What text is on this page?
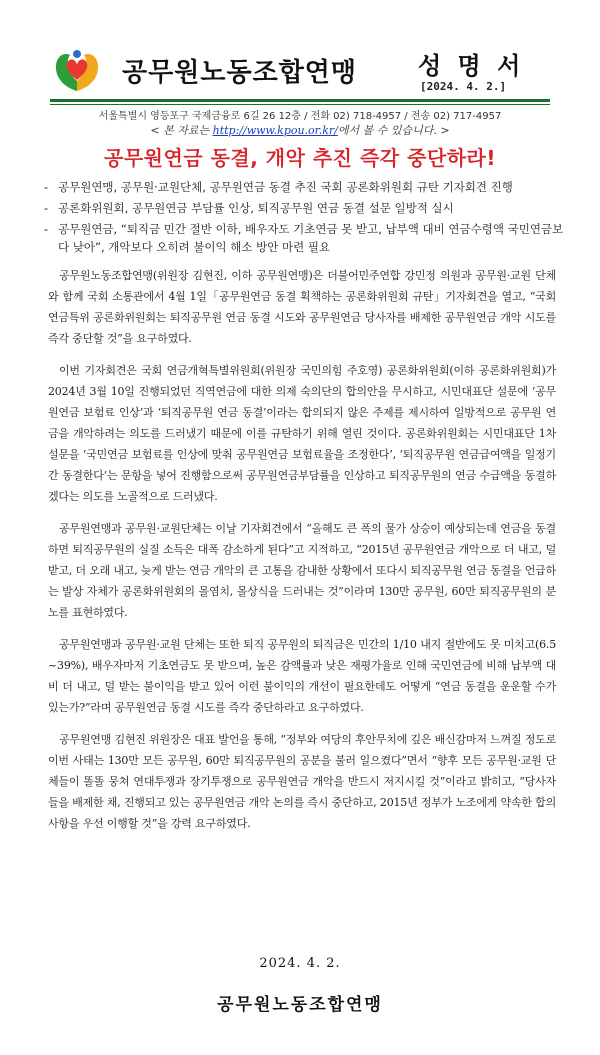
공무원노동조합연맹	성 명 서
[2024. 4. 2.]
서울특별시 영등포구 국제금융로 6길 26 12층 / 전화 02) 718-4957 / 전송 02) 717-4957
< 본 자료는 http://www.kpou.or.kr/에서 볼 수 있습니다. >
공무원연금 동결, 개악 추진 즉각 중단하라!
- 공무원연맹, 공무원·교원단체, 공무원연금 동결 추진 국회 공론화위원회 규탄 기자회견 진행
- 공론화위원회, 공무원연금 부담률 인상, 퇴직공무원 연금 동결 설문 일방적 실시
- 공무원연금, “퇴직금 민간 절반 이하, 배우자도 기초연금 못 받고, 납부액 대비 연금수령액 국민연금보다 낮아”, 개악보다 오히려 불이익 해소 방안 마련 필요

공무원노동조합연맹(위원장 김현진, 이하 공무원연맹)은 더불어민주연합 강민정 의원과 공무원·교원 단체와 함께 국회 소통관에서 4월 1일「공무원연금 동결 획책하는 공론화위원회 규탄」기자회견을 열고, “국회 연금특위 공론화위원회는 퇴직공무원 연금 동결 시도와 공무원연금 당사자를 배제한 공무원연금 개악 시도를 즉각 중단할 것”을 요구하였다.

이번 기자회견은 국회 연금개혁특별위원회(위원장 국민의힘 주호영) 공론화위원회(이하 공론화위원회)가 2024년 3월 10일 진행되었던 직역연금에 대한 의제 숙의단의 합의안을 무시하고, 시민대표단 설문에 ‘공무원연금 보험료 인상’과 ‘퇴직공무원 연금 동결’이라는 합의되지 않은 주제를 제시하여 일방적으로 공무원 연금을 개악하려는 의도를 드러냈기 때문에 이를 규탄하기 위해 열린 것이다. 공론화위원회는 시민대표단 1차 설문을 ‘국민연금 보험료를 인상에 맞춰 공무원연금 보험료율을 조정한다’, ‘퇴직공무원 연금급여액을 일정기간 동결한다’는 문항을 넣어 진행함으로써 공무원연금부담률을 인상하고 퇴직공무원의 연금 수급액을 동결하겠다는 의도를 노골적으로 드러냈다.

공무원연맹과 공무원·교원단체는 이날 기자회견에서 “올해도 큰 폭의 물가 상승이 예상되는데 연금을 동결하면 퇴직공무원의 실질 소득은 대폭 감소하게 된다”고 지적하고, “2015년 공무원연금 개악으로 더 내고, 덜 받고, 더 오래 내고, 늦게 받는 연금 개악의 큰 고통을 감내한 상황에서 또다시 퇴직공무원 연금 동결을 언급하는 발상 자체가 공론화위원회의 몰염치, 몰상식을 드러내는 것”이라며 130만 공무원, 60만 퇴직공무원의 분노를 표현하였다.

공무원연맹과 공무원·교원 단체는 또한 퇴직 공무원의 퇴직금은 민간의 1/10 내지 절반에도 못 미치고(6.5~39%), 배우자마저 기초연금도 못 받으며, 높은 감액률과 낮은 재평가율로 인해 국민연금에 비해 납부액 대비 더 내고, 덜 받는 불이익을 받고 있어 이런 불이익의 개선이 필요한데도 어떻게 “연금 동결을 운운할 수가 있는가?”라며 공무원연금 동결 시도를 즉각 중단하라고 요구하였다.

공무원연맹 김현진 위원장은 대표 발언을 통해, “정부와 여당의 후안무치에 깊은 배신감마저 느껴질 정도로 이번 사태는 130만 모든 공무원, 60만 퇴직공무원의 공분을 불러 일으켰다”면서 “향후 모든 공무원·교원 단체들이 똘똘 뭉쳐 연대투쟁과 장기투쟁으로 공무원연금 개악을 반드시 저지시킬 것”이라고 밝히고, “당사자들을 배제한 채, 진행되고 있는 공무원연금 개악 논의를 즉시 중단하고, 2015년 정부가 노조에게 약속한 합의사항을 우선 이행할 것”을 강력 요구하였다.

2024. 4. 2.
공무원노동조합연맹
